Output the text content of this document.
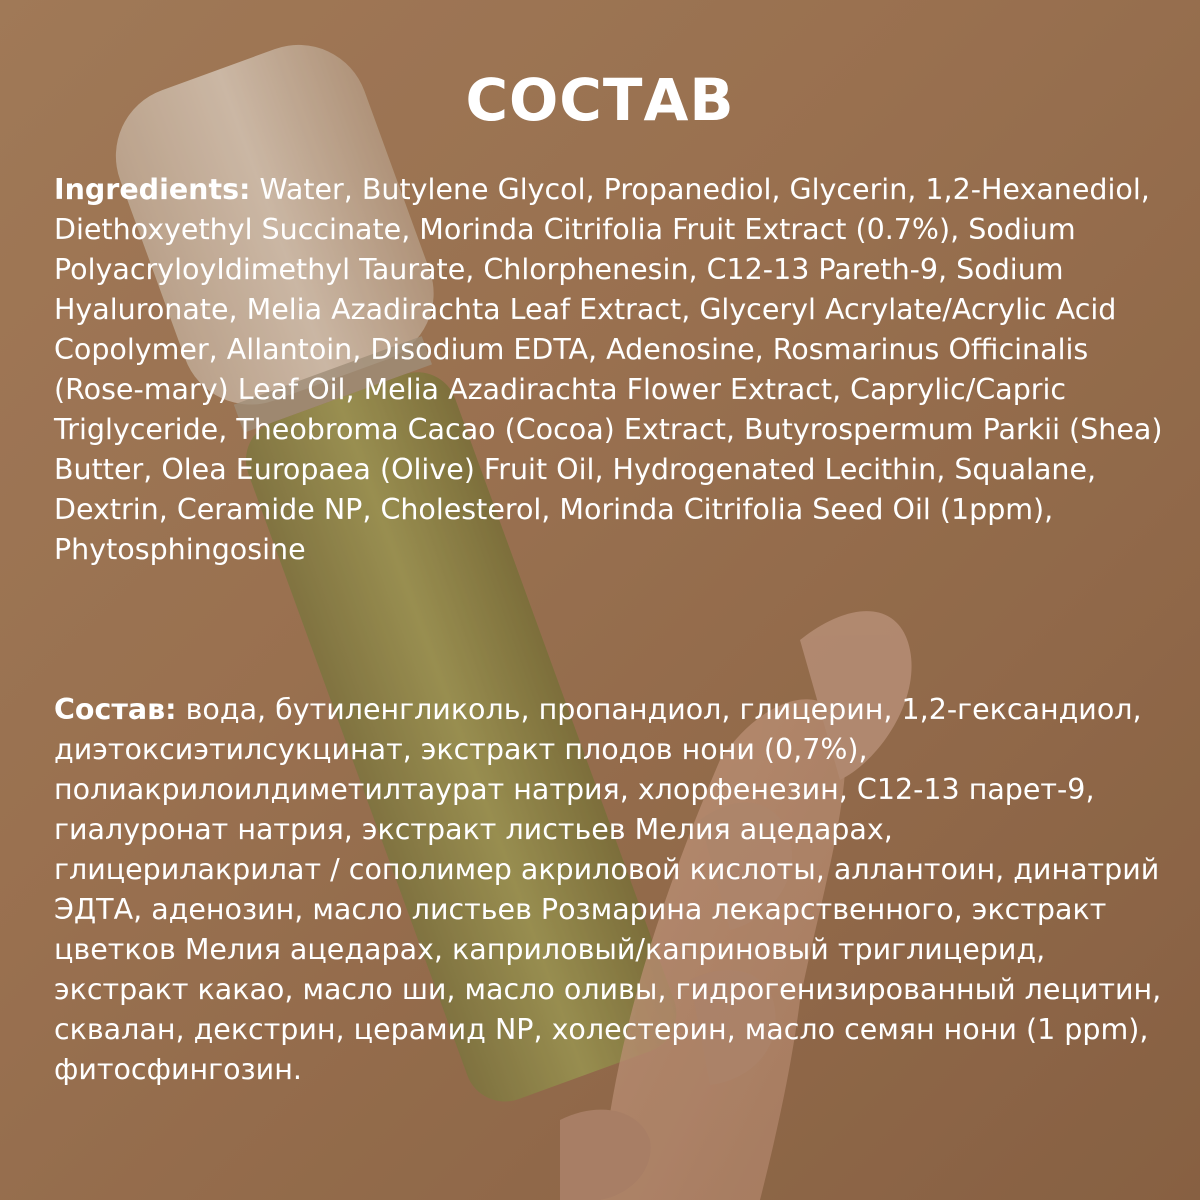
СОСТАВ
Ingredients: Water, Butylene Glycol, Propanediol, Glycerin, 1,2-Hexanediol, Diethoxyethyl Succinate, Morinda Citrifolia Fruit Extract (0.7%), Sodium PolyacryloyIdimethyl Taurate, Chlorphenesin, C12-13 Pareth-9, Sodium Hyaluronate, Melia Azadirachta Leaf Extract, Glyceryl Acrylate/Acrylic Acid Copolymer, Allantoin, Disodium EDTA, Adenosine, Rosmarinus Officinalis (Rose-mary) Leaf Oil, Melia Azadirachta Flower Extract, Caprylic/Capric Triglyceride, Theobroma Cacao (Cocoa) Extract, Butyrospermum Parkii (Shea) Butter, Olea Europaea (Olive) Fruit Oil, Hydrogenated Lecithin, Squalane, Dextrin, Ceramide NP, Cholesterol, Morinda Citrifolia Seed Oil (1ppm), Phytosphingosine
Состав: вода, бутиленгликоль, пропандиол, глицерин, 1,2-гександиол, диэтоксиэтилсукцинат, экстракт плодов нони (0,7%), полиакрилоилдиметилтаурат натрия, хлорфенезин, C12-13 парет-9, гиалуронат натрия, экстракт листьев Мелия ацедарах, глицерилакрилат / сополимер акриловой кислоты, аллантоин, динатрий ЭДТА, аденозин, масло листьев Розмарина лекарственного, экстракт цветков Мелия ацедарах, каприловый/каприновый триглицерид, экстракт какао, масло ши, масло оливы, гидрогенизированный лецитин, сквалан, декстрин, церамид NP, холестерин, масло семян нони (1 ppm), фитосфингозин.
